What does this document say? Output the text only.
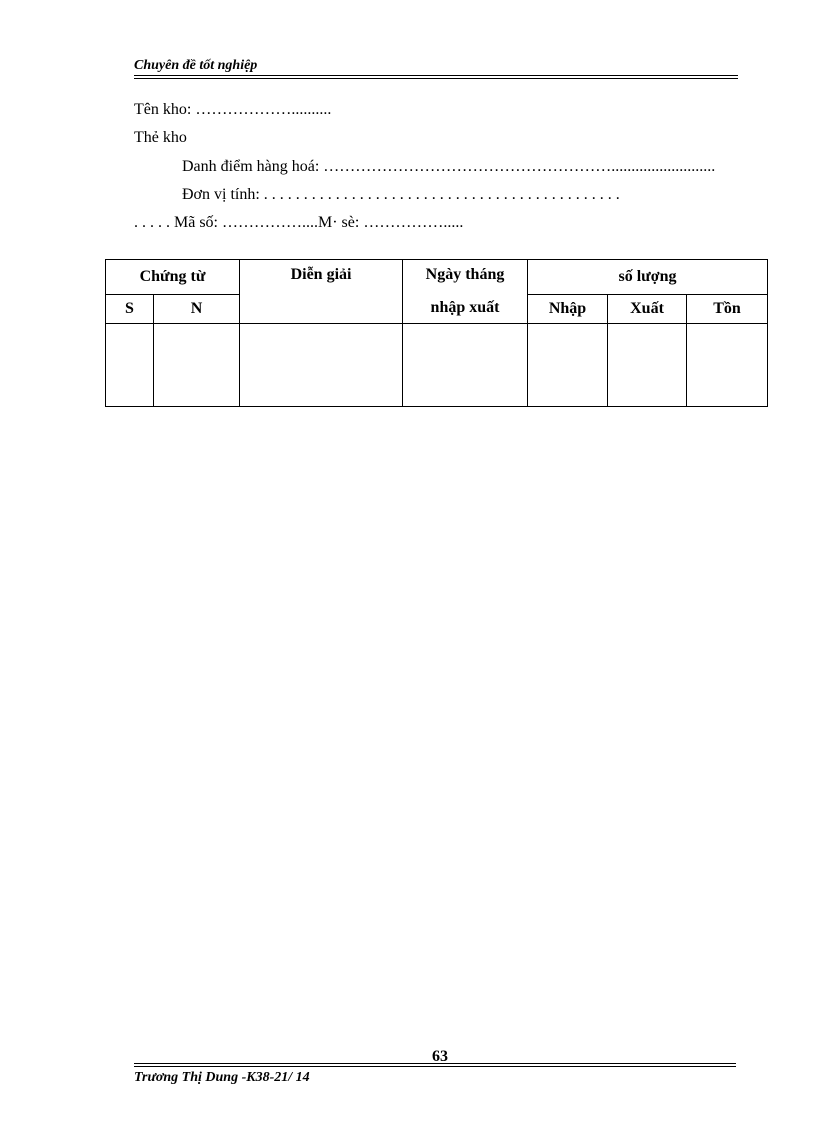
Chuyên đề tốt nghiệp
Tên kho: ………………..........
Thẻ kho
Danh điểm hàng hoá: ………………………………………………..........................
Đơn vị tính: . . . . . . . . . . . . . . . . . . . . . . . . . . . . . . . . . . . . . . . . . . . . .
. . . . . Mã số: ……………....M· sè: …………….....
Chứng từ		Diễn giải	Ngày tháng	số lượng		
S	N		nhập xuất	Nhập	Xuất	Tồn

63
Trương Thị Dung -K38-21/ 14
